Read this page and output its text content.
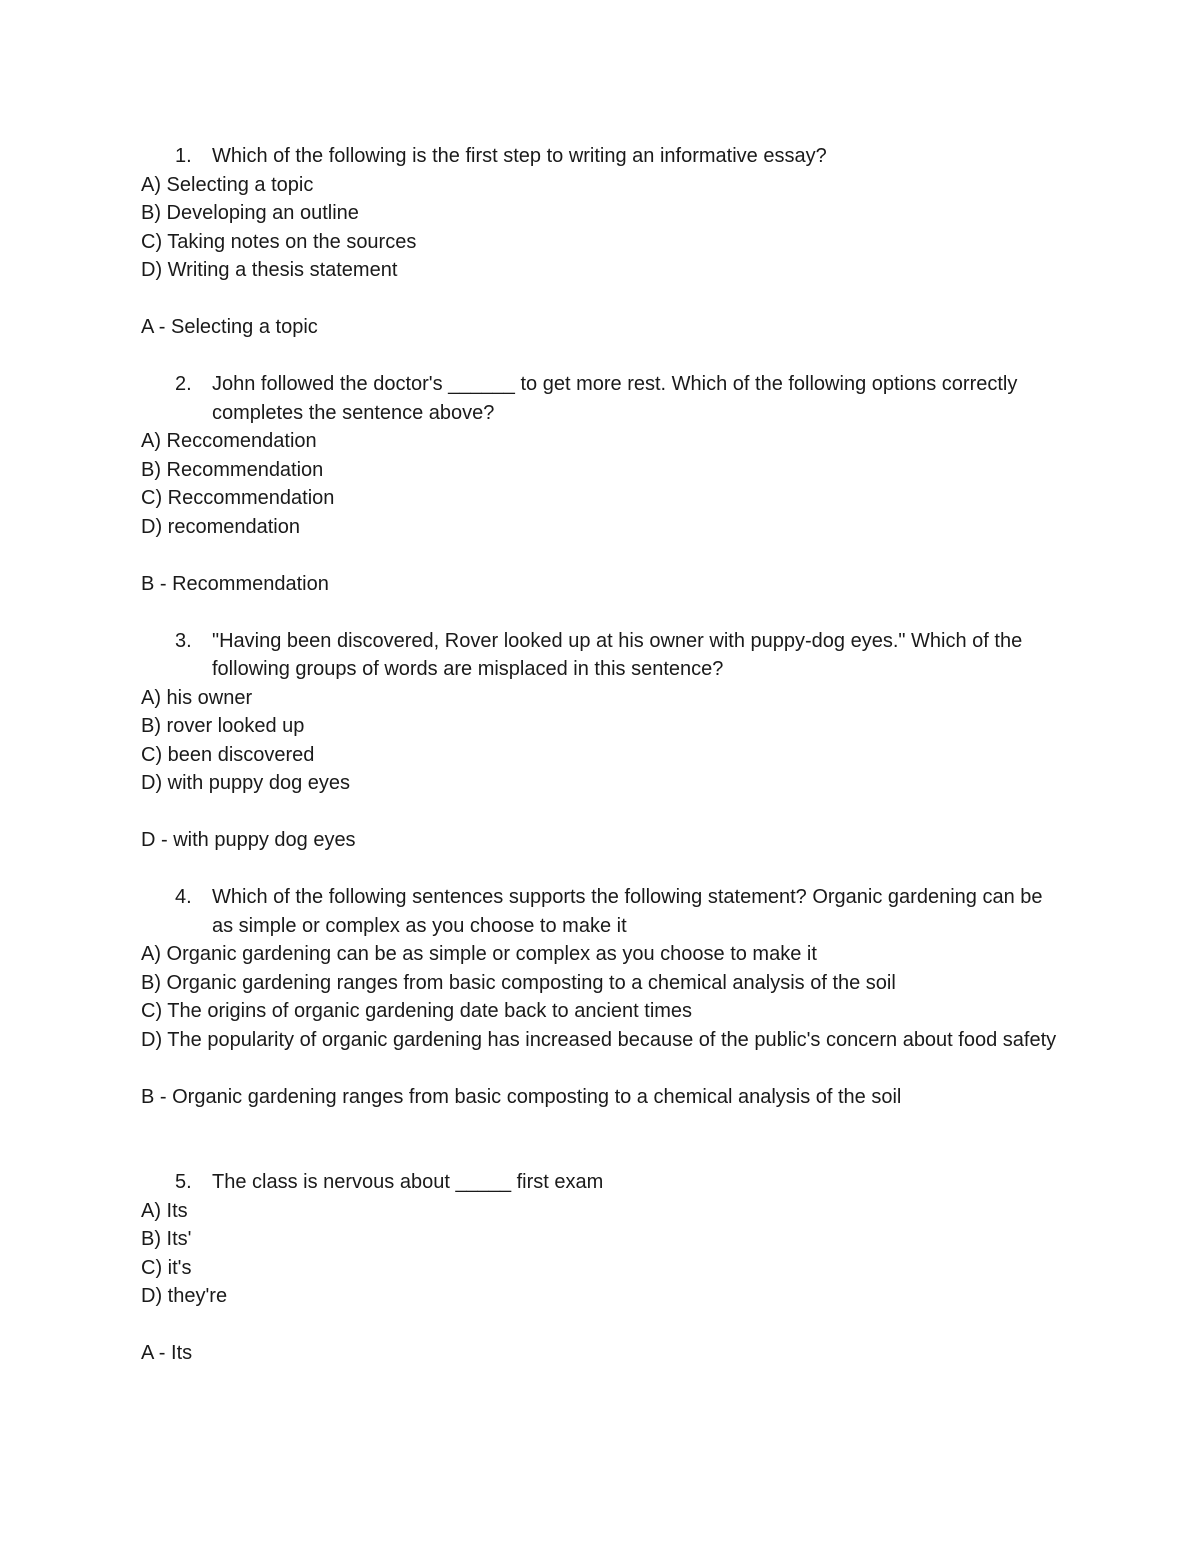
1. Which of the following is the first step to writing an informative essay?
A) Selecting a topic
B) Developing an outline
C) Taking notes on the sources
D) Writing a thesis statement
A - Selecting a topic
2. John followed the doctor's ______ to get more rest. Which of the following options correctly completes the sentence above?
A) Reccomendation
B) Recommendation
C) Reccommendation
D) recomendation
B - Recommendation
3. "Having been discovered, Rover looked up at his owner with puppy-dog eyes." Which of the following groups of words are misplaced in this sentence?
A) his owner
B) rover looked up
C) been discovered
D) with puppy dog eyes
D - with puppy dog eyes
4. Which of the following sentences supports the following statement? Organic gardening can be as simple or complex as you choose to make it
A) Organic gardening can be as simple or complex as you choose to make it
B) Organic gardening ranges from basic composting to a chemical analysis of the soil
C) The origins of organic gardening date back to ancient times
D) The popularity of organic gardening has increased because of the public's concern about food safety
B - Organic gardening ranges from basic composting to a chemical analysis of the soil
5. The class is nervous about _____ first exam
A) Its
B) Its'
C) it's
D) they're
A - Its
